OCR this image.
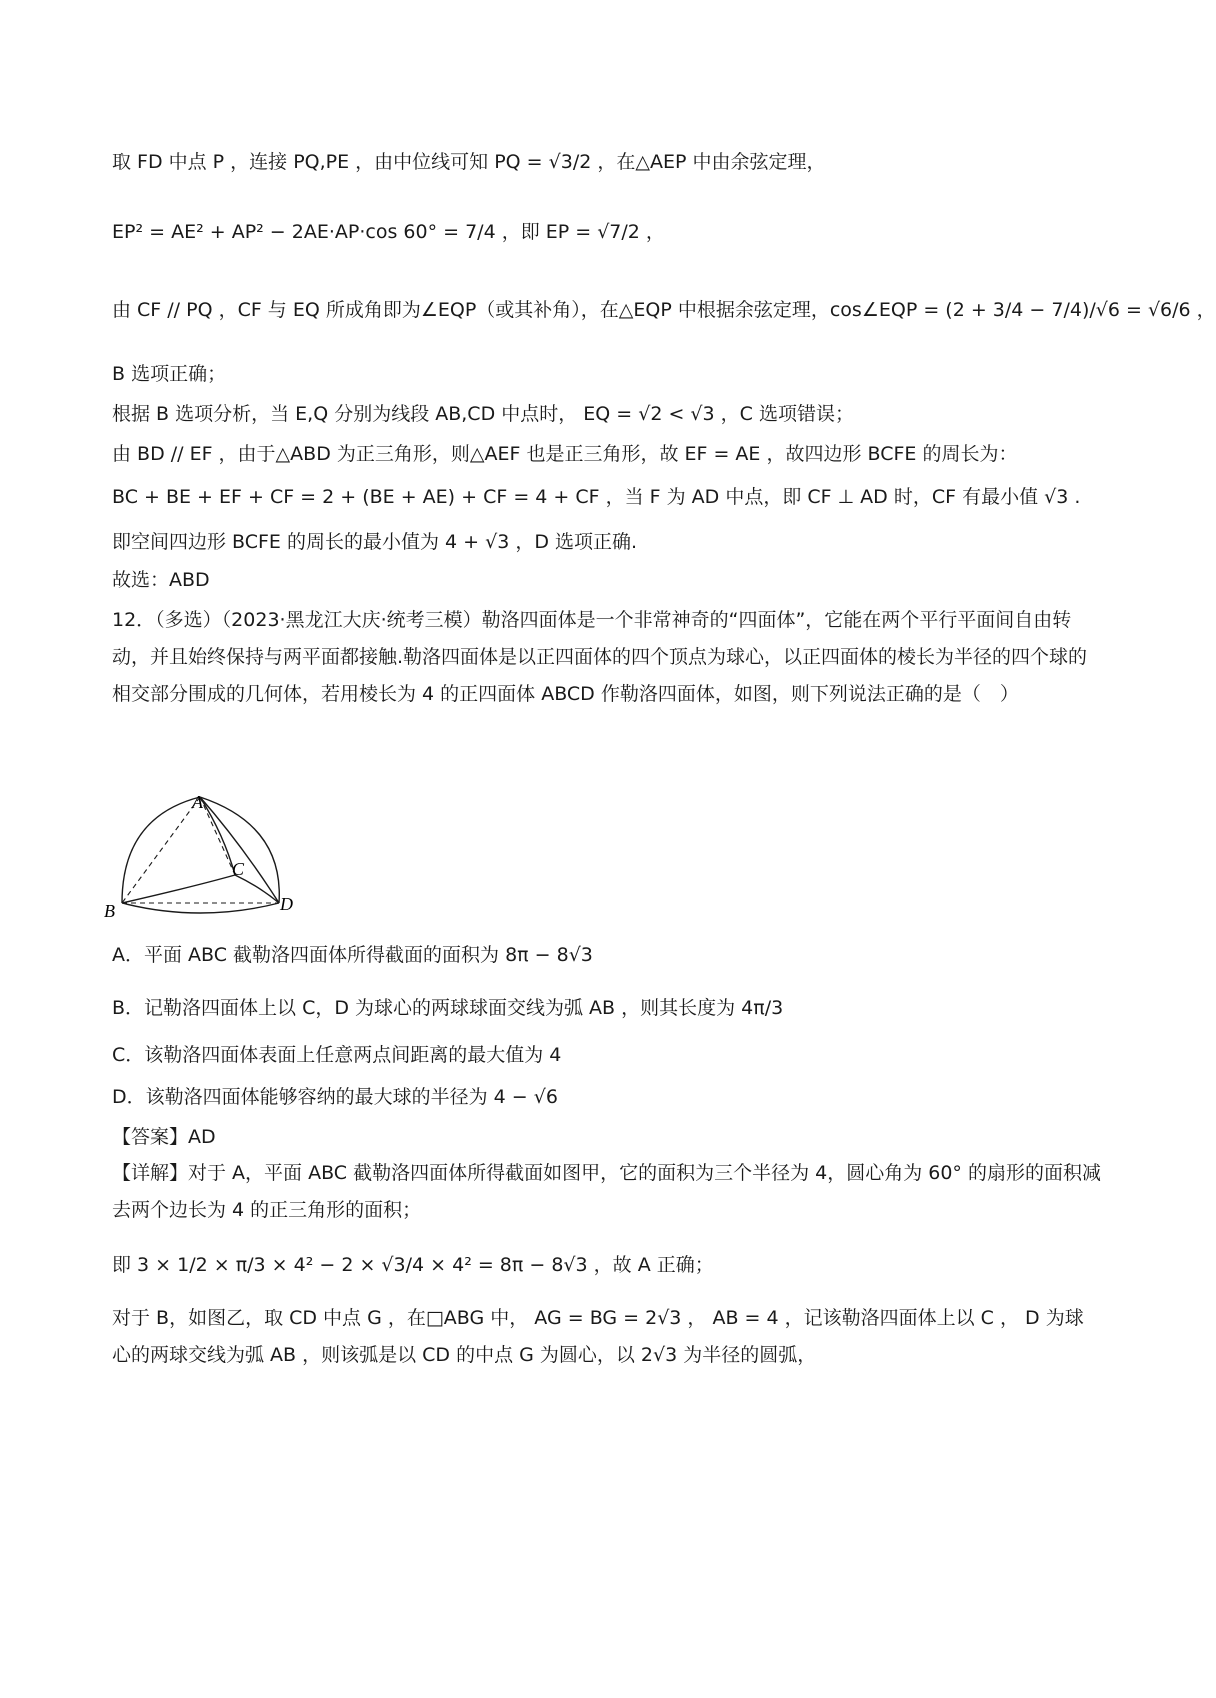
取 FD 中点 P ，连接 PQ,PE ，由中位线可知 PQ = √3/2 ，在△AEP 中由余弦定理，
EP² = AE² + AP² − 2AE·AP·cos 60° = 7/4 ，即 EP = √7/2 ，
由 CF // PQ ，CF 与 EQ 所成角即为∠EQP（或其补角），在△EQP 中根据余弦定理，cos∠EQP = (2 + 3/4 − 7/4)/√6 = √6/6 ，
B 选项正确；
根据 B 选项分析，当 E,Q 分别为线段 AB,CD 中点时， EQ = √2 < √3 ，C 选项错误；
由 BD // EF ，由于△ABD 为正三角形，则△AEF 也是正三角形，故 EF = AE ，故四边形 BCFE 的周长为：
BC + BE + EF + CF = 2 + (BE + AE) + CF = 4 + CF ，当 F 为 AD 中点，即 CF ⊥ AD 时，CF 有最小值 √3 .
即空间四边形 BCFE 的周长的最小值为 4 + √3 ，D 选项正确.
故选：ABD
12．（多选）（2023·黑龙江大庆·统考三模）勒洛四面体是一个非常神奇的“四面体”，它能在两个平行平面间自由转动，并且始终保持与两平面都接触.勒洛四面体是以正四面体的四个顶点为球心，以正四面体的棱长为半径的四个球的相交部分围成的几何体，若用棱长为 4 的正四面体 ABCD 作勒洛四面体，如图，则下列说法正确的是（　）
A
B
C
D
A．平面 ABC 截勒洛四面体所得截面的面积为 8π − 8√3
B．记勒洛四面体上以 C，D 为球心的两球球面交线为弧 AB ，则其长度为 4π/3
C．该勒洛四面体表面上任意两点间距离的最大值为 4
D．该勒洛四面体能够容纳的最大球的半径为 4 − √6
【答案】AD
【详解】对于 A，平面 ABC 截勒洛四面体所得截面如图甲，它的面积为三个半径为 4，圆心角为 60° 的扇形的面积减去两个边长为 4 的正三角形的面积；
即 3 × 1/2 × π/3 × 4² − 2 × √3/4 × 4² = 8π − 8√3 ，故 A 正确；
对于 B，如图乙，取 CD 中点 G ，在□ABG 中， AG = BG = 2√3 ， AB = 4 ，记该勒洛四面体上以 C ， D 为球心的两球交线为弧 AB ，则该弧是以 CD 的中点 G 为圆心，以 2√3 为半径的圆弧，
